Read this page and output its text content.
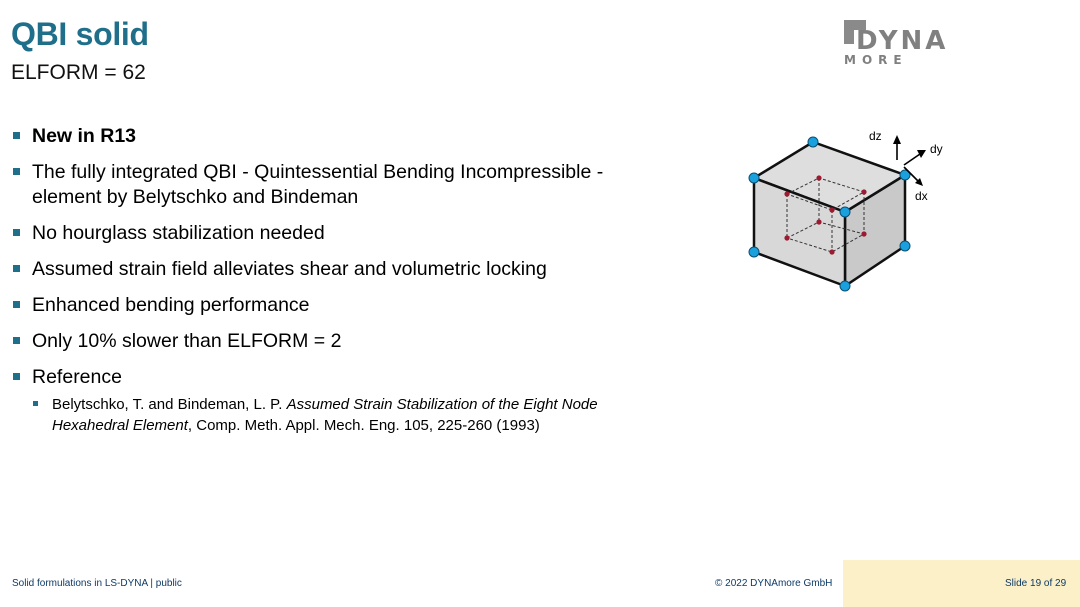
QBI solid
ELFORM = 62
DYNA
MORE
New in R13
The fully integrated QBI - Quintessential Bending Incompressible - element by Belytschko and Bindeman
No hourglass stabilization needed
Assumed strain field alleviates shear and volumetric locking
Enhanced bending performance
Only 10% slower than ELFORM = 2
Reference
Belytschko, T. and Bindeman, L. P. Assumed Strain Stabilization of the Eight Node Hexahedral Element, Comp. Meth. Appl. Mech. Eng. 105, 225-260 (1993)
dz
dy
dx
Solid formulations in LS-DYNA | public	© 2022 DYNAmore GmbH	Slide 19 of 29
